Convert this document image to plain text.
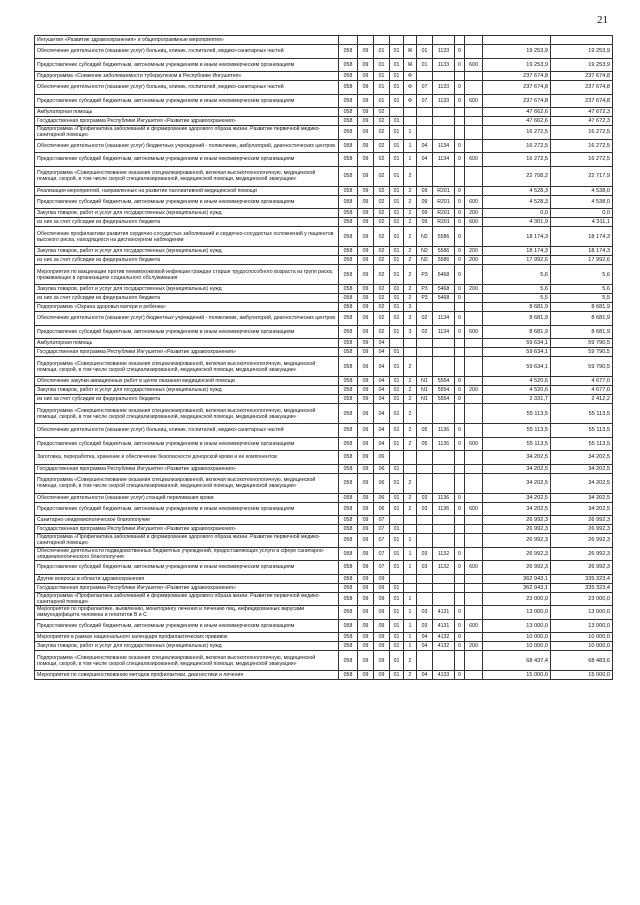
21
Ингушетия «Развитие здравоохранения» и общепрограммные мероприятия»											
Обеспечение деятельности (оказание услуг) больниц, клиник, госпиталей, медико-санитарных частей	058	09	01	01	Ж	01	1133	0		19 253,9	19 253,9
Предоставление субсидий бюджетным, автономным учреждениям и иным некоммерческим организациям	058	09	01	01	Ж	01	1133	0	600	19 253,9	19 253,9
Подпрограмма «Снижение заболеваемости туберкулезом в Республике Ингушетия»	058	09	01	01	Ф					237 674,8	237 674,8
Обеспечение деятельности (оказание услуг) больниц, клиник, госпиталей, медико-санитарных частей	058	09	01	01	Ф	07	1133	0		237 674,8	237 674,8
Предоставление субсидий бюджетным, автономным учреждениям и иным некоммерческим организациям	058	09	01	01	Ф	07	1133	0	600	237 674,8	237 674,8
Амбулаторная помощь	058	09	02							47 662,6	47 672,3
Государственная программа Республики Ингушетия «Развитие здравоохранения»	058	09	02	01						47 662,6	47 672,3
Подпрограмма «Профилактика заболеваний и формирование здорового образа жизни. Развитие первичной медико-санитарной помощи»	058	09	02	01	1					16 272,5	16 272,5
Обеспечение деятельности (оказание услуг) бюджетных учреждений - поликлиник, амбулаторий, диагностических центров	058	09	02	01	1	04	1134	0		16 272,5	16 272,5
Предоставление субсидий бюджетным, автономным учреждениям и иным некоммерческим организациям	058	09	02	01	1	04	1134	0	600	16 272,5	16 272,5
Подпрограмма «Совершенствование оказания специализированной, включая высокотехнологичную, медицинской помощи, скорой, в том числе скорой специализированной, медицинской помощи, медицинской эвакуации»	058	09	02	01	2					22 708,2	22 717,9
Реализация мероприятий, направленных на развитие паллиативной медицинской помощи	058	09	02	01	2	09	R201	0		4 528,3	4 538,0
Предоставление субсидий бюджетным, автономным учреждениям и иным некоммерческим организациям	058	09	02	01	2	09	R201	0	600	4 528,3	4 538,0
Закупка товаров, работ и услуг для государственных (муниципальных) нужд	058	09	02	01	2	09	R201	0	200	0,0	0,0
из них за счет субсидии из федерального бюджета	058	09	02	01	2	09	R201	0	600	4 301,9	4 311,1
Обеспечение профилактики развития сердечно-сосудистых заболеваний и сердечно-сосудистых осложнений у пациентов высокого риска, находящихся на диспансерном наблюдении	058	09	02	01	2	N2	5586	0		18 174,3	18 174,3
Закупка товаров, работ и услуг для государственных (муниципальных) нужд	058	09	02	01	2	N2	5586	0	200	18 174,3	18 174,3
из них за счет субсидии из федерального бюджета	058	09	02	01	2	N2	5586	0	200	17 992,6	17 992,6
Мероприятия по вакцинации против пневмококковой инфекции граждан старше трудоспособного возраста из групп риска, проживающих в организациях социального обслуживания	058	09	02	01	2	P3	5468	0		5,6	5,6
Закупка товаров, работ и услуг для государственных (муниципальных) нужд	058	09	02	01	2	P3	5468	0	200	5,6	5,6
из них за счет субсидии из федерального бюджета	058	09	02	01	2	P3	5468	0		5,5	5,5
Подпрограмма «Охрана здоровья матери и ребенка»	058	09	02	01	3					8 681,9	8 681,9
Обеспечение деятельности (оказание услуг) бюджетных учреждений - поликлиник, амбулаторий, диагностических центров	058	09	02	01	3	02	1134	0		8 681,9	8 681,9
Предоставление субсидий бюджетным, автономным учреждениям и иным некоммерческим организациям	058	09	02	01	3	02	1134	0	600	8 681,9	8 681,9
Амбулаторная помощь	058	09	04							59 634,1	59 790,5
Государственная программа Республики Ингушетия «Развитие здравоохранения»	058	09	04	01						59 634,1	59 790,5
Подпрограмма «Совершенствование оказания специализированной, включая высокотехнологичную, медицинской помощи, скорой, в том числе скорой специализированной, медицинской помощи, медицинской эвакуации»	058	09	04	01	2					59 634,1	59 790,5
Обеспечение закупки авиационных работ в целях оказания медицинской помощи	058	09	04	01	2	N1	5554	0		4 520,6	4 677,0
Закупка товаров, работ и услуг для государственных (муниципальных) нужд	058	09	04	01	2	N1	5554	0	200	4 520,6	4 677,0
из них за счет субсидии из федерального бюджета	058	09	04	01	2	N1	5554	0		2 331,7	2 412,2
Подпрограмма «Совершенствование оказания специализированной, включая высокотехнологичную, медицинской помощи, скорой, в том числе скорой специализированной, медицинской помощи, медицинской эвакуации»	058	09	04	01	2					55 113,5	55 113,5
Обеспечение деятельности (оказание услуг) больниц, клиник, госпиталей, медико-санитарных частей	058	09	04	01	2	05	1136	0		55 113,5	55 113,5
Предоставление субсидий бюджетным, автономным учреждениям и иным некоммерческим организациям	058	09	04	01	2	05	1136	0	600	55 113,5	55 113,5
Заготовка, переработка, хранение и обеспечение безопасности донорской крови и ее компонентов	058	09	06							34 202,5	34 202,5
Государственная программа Республики Ингушетия «Развитие здравоохранения»	058	09	06	01						34 202,5	34 202,5
Подпрограмма «Совершенствование оказания специализированной, включая высокотехнологичную, медицинской помощи, скорой, в том числе скорой специализированной, медицинской помощи, медицинской эвакуации»	058	09	06	01	2					34 202,5	34 202,5
Обеспечение деятельности (оказание услуг) станций переливания крови	058	09	06	01	2	03	1136	0		34 202,5	34 202,5
Предоставление субсидий бюджетным, автономным учреждениям и иным некоммерческим организациям	058	09	06	01	2	03	1136	0	600	34 202,5	34 202,5
Санитарно-эпидемиологическое благополучие	058	09	07							26 992,3	26 992,3
Государственная программа Республики Ингушетия «Развитие здравоохранения»	058	09	07	01						26 992,3	26 992,3
Подпрограмма «Профилактика заболеваний и формирование здорового образа жизни. Развитие первичной медико-санитарной помощи»	058	09	07	01	1					26 992,3	26 992,3
Обеспечение деятельности подведомственных бюджетных учреждений, предоставляющих услуги в сфере санитарно-эпидемиологического благополучия	058	09	07	01	1	03	1132	0		26 992,3	26 992,3
Предоставление субсидий бюджетным, автономным учреждениям и иным некоммерческим организациям	058	09	07	01	1	03	1132	0	600	26 992,3	26 992,3
Другие вопросы в области здравоохранения	058	09	09							362 943,1	335 323,4
Государственная программа Республики Ингушетия «Развитие здравоохранения»	058	09	09	01						362 943,1	335 323,4
Подпрограмма «Профилактика заболеваний и формирование здорового образа жизни. Развитие первичной медико-санитарной помощи»	058	09	09	01	1					23 000,0	23 000,0
Мероприятия по профилактике, выявлению, мониторингу лечения и лечению лиц, инфицированных вирусами иммунодефицита человека и гепатитов В и С	058	09	09	01	1	03	4131	0		13 000,0	13 000,0
Предоставление субсидий бюджетным, автономным учреждениям и иным некоммерческим организациям	058	09	09	01	1	03	4131	0	600	13 000,0	13 000,0
Мероприятия в рамках национального календаря профилактических прививок	058	09	09	01	1	04	4132	0		10 000,0	10 000,0
Закупка товаров, работ и услуг для государственных (муниципальных) нужд	058	09	09	01	1	04	4132	0	200	10 000,0	10 000,0
Подпрограмма «Совершенствование оказания специализированной, включая высокотехнологичную, медицинской помощи, скорой, в том числе скорой специализированной, медицинской помощи, медицинской эвакуации»	058	09	09	01	2					68 437,4	68 483,6
Мероприятия по совершенствованию методов профилактики, диагностики и лечения	058	09	09	01	2	04	4133	0		15 000,0	15 000,0
